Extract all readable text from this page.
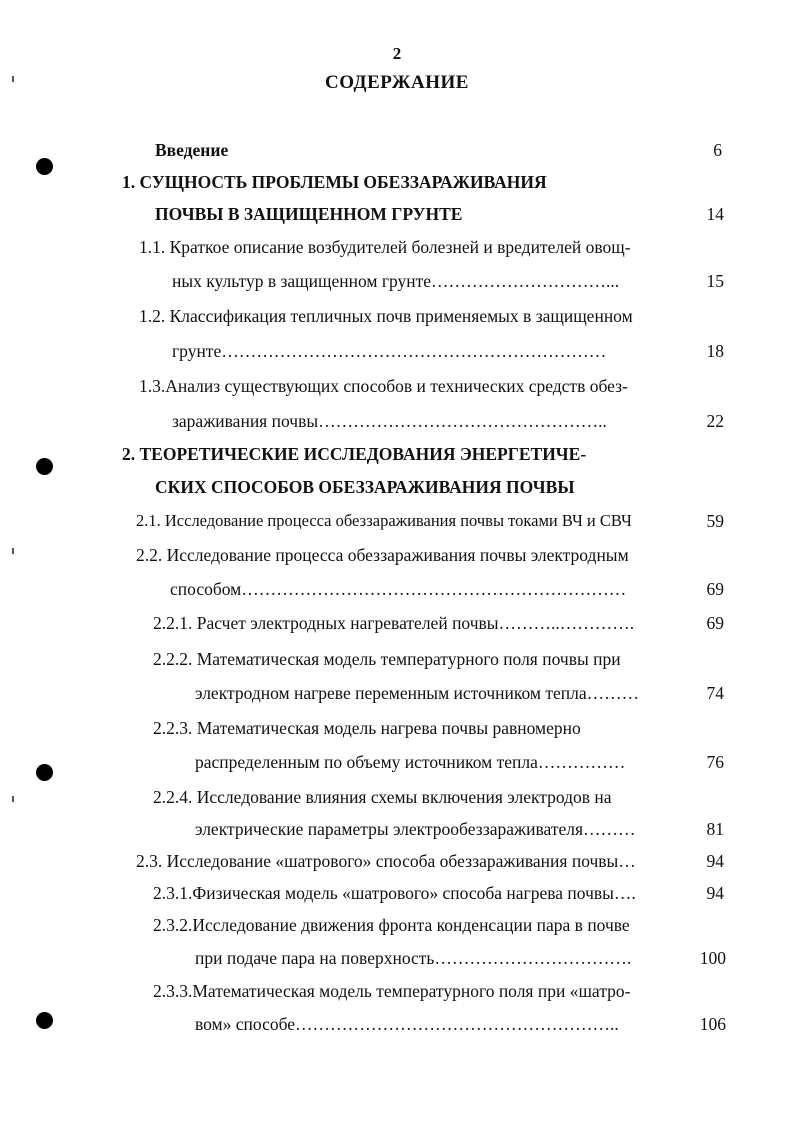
2
СОДЕРЖАНИЕ
Введение	6
1. СУЩНОСТЬ ПРОБЛЕМЫ ОБЕЗЗАРАЖИВАНИЯ
ПОЧВЫ В ЗАЩИЩЕННОМ ГРУНТЕ	14
1.1. Краткое описание возбудителей болезней и вредителей овощ-
ных культур в защищенном грунте…………………………...	15
1.2. Классификация тепличных почв применяемых в защищенном
грунте…………………………………………………………	18
1.3.Анализ существующих способов и технических средств обез-
зараживания почвы…………………………………………..	22
2. ТЕОРЕТИЧЕСКИЕ ИССЛЕДОВАНИЯ ЭНЕРГЕТИЧЕ-
СКИХ СПОСОБОВ ОБЕЗЗАРАЖИВАНИЯ ПОЧВЫ
2.1. Исследование процесса обеззараживания почвы токами ВЧ и СВЧ	59
2.2. Исследование процесса обеззараживания почвы электродным
способом…………………………………………………………	69
2.2.1. Расчет электродных нагревателей почвы………..………….	69
2.2.2. Математическая модель температурного поля почвы при
электродном нагреве переменным источником тепла………	74
2.2.3. Математическая модель нагрева почвы равномерно
распределенным по объему источником тепла……………	76
2.2.4. Исследование влияния схемы включения электродов на
электрические параметры электрообеззараживателя………	81
2.3. Исследование «шатрового» способа обеззараживания почвы…	94
2.3.1.Физическая модель «шатрового» способа нагрева почвы….	94
2.3.2.Исследование движения фронта конденсации пара в почве
при подаче пара на поверхность…………………………….	100
2.3.3.Математическая модель температурного поля при «шатро-
вом» способе………………………………………………..	106
